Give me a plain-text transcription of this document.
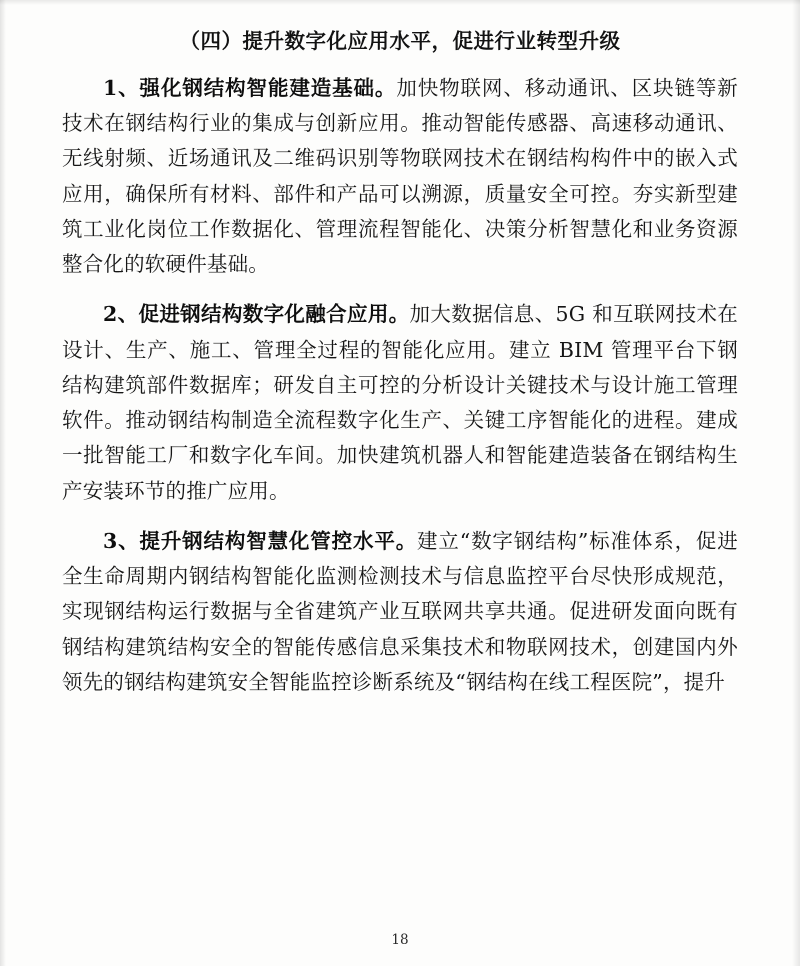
（四）提升数字化应用水平，促进行业转型升级

1、强化钢结构智能建造基础。加快物联网、移动通讯、区块链等新技术在钢结构行业的集成与创新应用。推动智能传感器、高速移动通讯、无线射频、近场通讯及二维码识别等物联网技术在钢结构构件中的嵌入式应用，确保所有材料、部件和产品可以溯源，质量安全可控。夯实新型建筑工业化岗位工作数据化、管理流程智能化、决策分析智慧化和业务资源整合化的软硬件基础。

2、促进钢结构数字化融合应用。加大数据信息、5G 和互联网技术在设计、生产、施工、管理全过程的智能化应用。建立 BIM 管理平台下钢结构建筑部件数据库；研发自主可控的分析设计关键技术与设计施工管理软件。推动钢结构制造全流程数字化生产、关键工序智能化的进程。建成一批智能工厂和数字化车间。加快建筑机器人和智能建造装备在钢结构生产安装环节的推广应用。

3、提升钢结构智慧化管控水平。建立“数字钢结构”标准体系，促进全生命周期内钢结构智能化监测检测技术与信息监控平台尽快形成规范，实现钢结构运行数据与全省建筑产业互联网共享共通。促进研发面向既有钢结构建筑结构安全的智能传感信息采集技术和物联网技术，创建国内外领先的钢结构建筑安全智能监控诊断系统及“钢结构在线工程医院”，提升

18
